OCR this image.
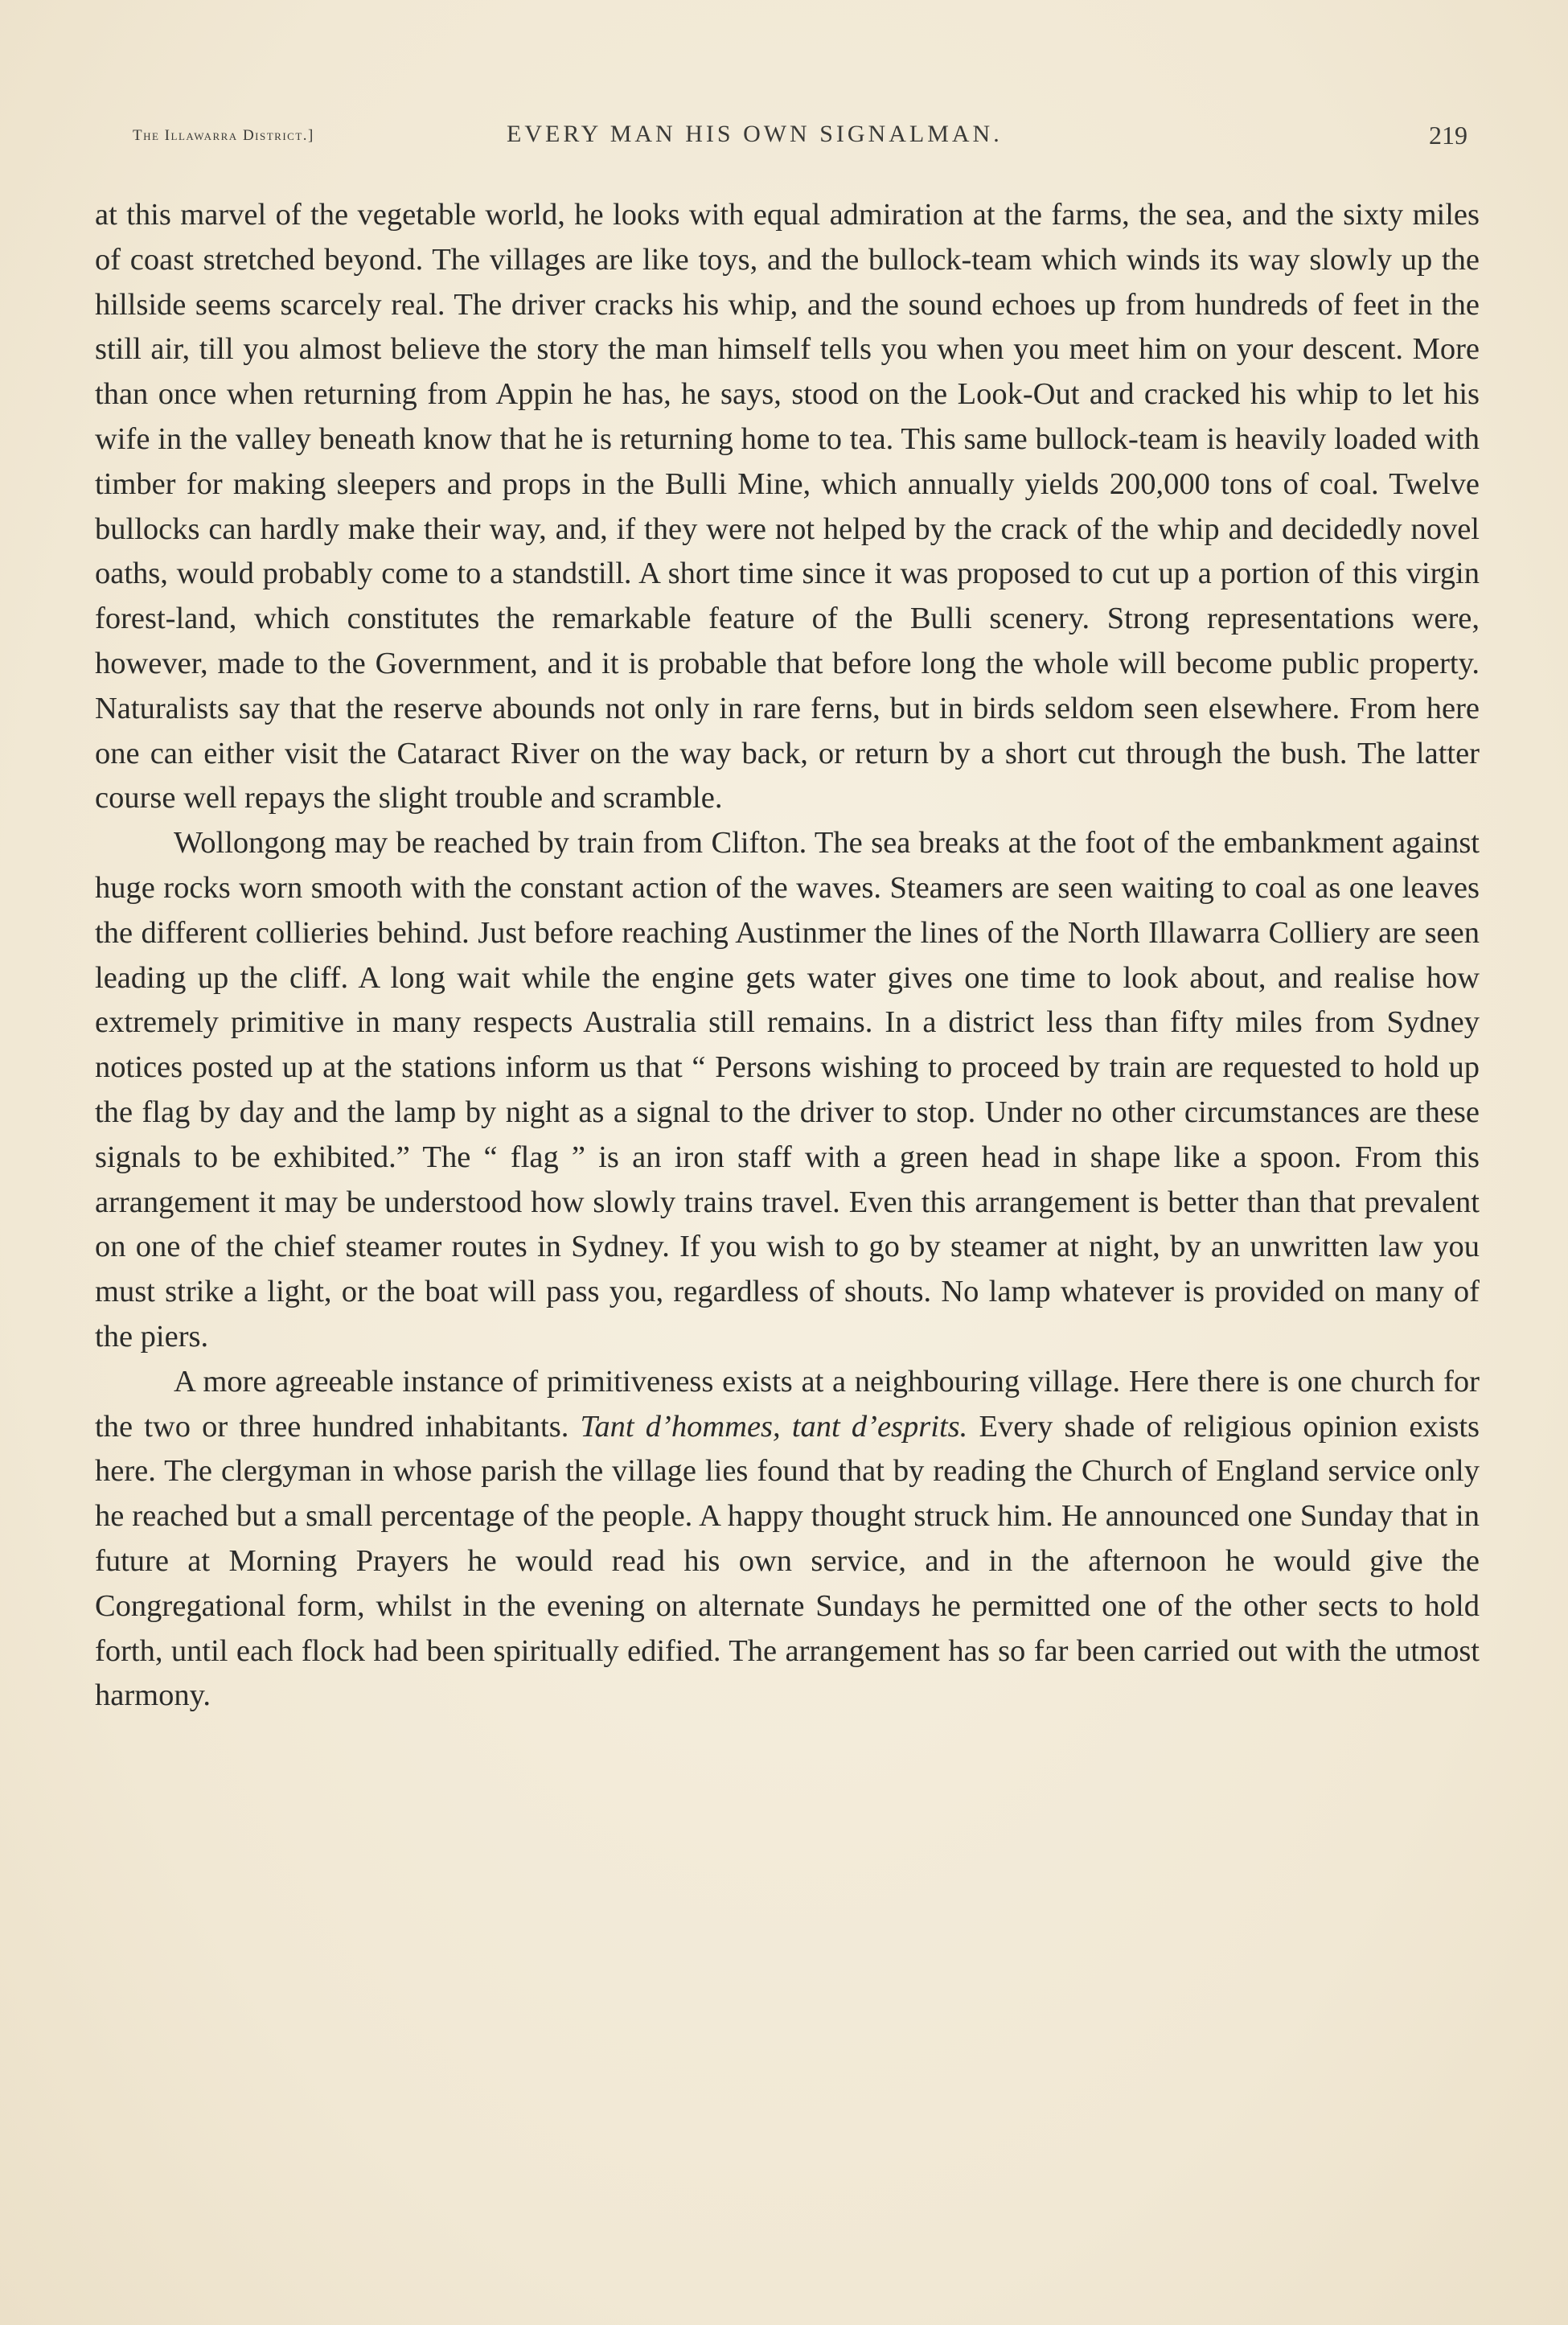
The Illawarra District.]	EVERY MAN HIS OWN SIGNALMAN.	219

at this marvel of the vegetable world, he looks with equal admiration at the farms, the sea, and the sixty miles of coast stretched beyond. The villages are like toys, and the bullock-team which winds its way slowly up the hillside seems scarcely real. The driver cracks his whip, and the sound echoes up from hundreds of feet in the still air, till you almost believe the story the man himself tells you when you meet him on your descent. More than once when returning from Appin he has, he says, stood on the Look-Out and cracked his whip to let his wife in the valley beneath know that he is returning home to tea. This same bullock-team is heavily loaded with timber for making sleepers and props in the Bulli Mine, which annually yields 200,000 tons of coal. Twelve bullocks can hardly make their way, and, if they were not helped by the crack of the whip and decidedly novel oaths, would probably come to a standstill. A short time since it was proposed to cut up a portion of this virgin forest-land, which constitutes the remarkable feature of the Bulli scenery. Strong representations were, however, made to the Government, and it is probable that before long the whole will become public property. Naturalists say that the reserve abounds not only in rare ferns, but in birds seldom seen elsewhere. From here one can either visit the Cataract River on the way back, or return by a short cut through the bush. The latter course well repays the slight trouble and scramble.

Wollongong may be reached by train from Clifton. The sea breaks at the foot of the embankment against huge rocks worn smooth with the constant action of the waves. Steamers are seen waiting to coal as one leaves the different collieries behind. Just before reaching Austinmer the lines of the North Illawarra Colliery are seen leading up the cliff. A long wait while the engine gets water gives one time to look about, and realise how extremely primitive in many respects Australia still remains. In a district less than fifty miles from Sydney notices posted up at the stations inform us that “ Persons wishing to proceed by train are requested to hold up the flag by day and the lamp by night as a signal to the driver to stop. Under no other circumstances are these signals to be exhibited.” The “ flag ” is an iron staff with a green head in shape like a spoon. From this arrangement it may be understood how slowly trains travel. Even this arrangement is better than that prevalent on one of the chief steamer routes in Sydney. If you wish to go by steamer at night, by an unwritten law you must strike a light, or the boat will pass you, regardless of shouts. No lamp whatever is provided on many of the piers.

A more agreeable instance of primitiveness exists at a neighbouring village. Here there is one church for the two or three hundred inhabitants. Tant d’hommes, tant d’esprits. Every shade of religious opinion exists here. The clergyman in whose parish the village lies found that by reading the Church of England service only he reached but a small percentage of the people. A happy thought struck him. He announced one Sunday that in future at Morning Prayers he would read his own service, and in the afternoon he would give the Congregational form, whilst in the evening on alternate Sundays he permitted one of the other sects to hold forth, until each flock had been spiritually edified. The arrangement has so far been carried out with the utmost harmony.
